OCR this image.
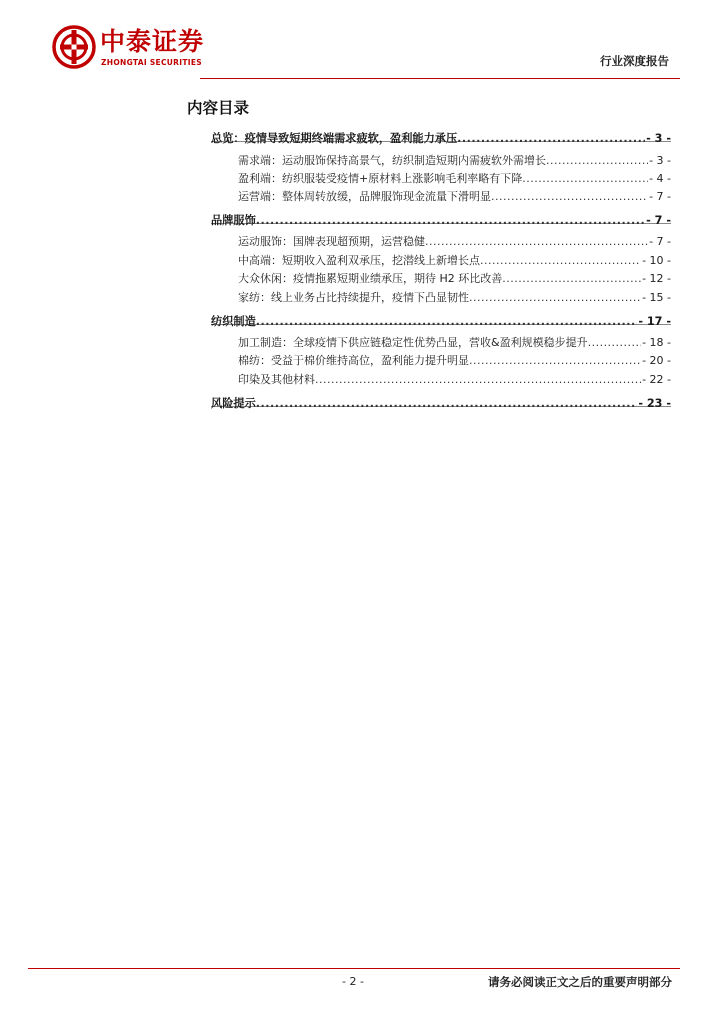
中泰证券
ZHONGTAI SECURITIES	行业深度报告
内容目录
总览：疫情导致短期终端需求疲软，盈利能力承压 .....	- 3 -
需求端：运动服饰保持高景气，纺织制造短期内需疲软外需增长 .....	- 3 -
盈利端：纺织服装受疫情+原材料上涨影响毛利率略有下降 .....	- 4 -
运营端：整体周转放缓，品牌服饰现金流量下滑明显 .....	- 7 -
品牌服饰 .....	- 7 -
运动服饰：国牌表现超预期，运营稳健 .....	- 7 -
中高端：短期收入盈利双承压，挖潜线上新增长点 .....	- 10 -
大众休闲：疫情拖累短期业绩承压，期待 H2 环比改善 .....	- 12 -
家纺：线上业务占比持续提升，疫情下凸显韧性 .....	- 15 -
纺织制造 .....	- 17 -
加工制造：全球疫情下供应链稳定性优势凸显，营收&盈利规模稳步提升 .....	- 18 -
棉纺：受益于棉价维持高位，盈利能力提升明显 .....	- 20 -
印染及其他材料 .....	- 22 -
风险提示 .....	- 23 -
- 2 -	请务必阅读正文之后的重要声明部分
